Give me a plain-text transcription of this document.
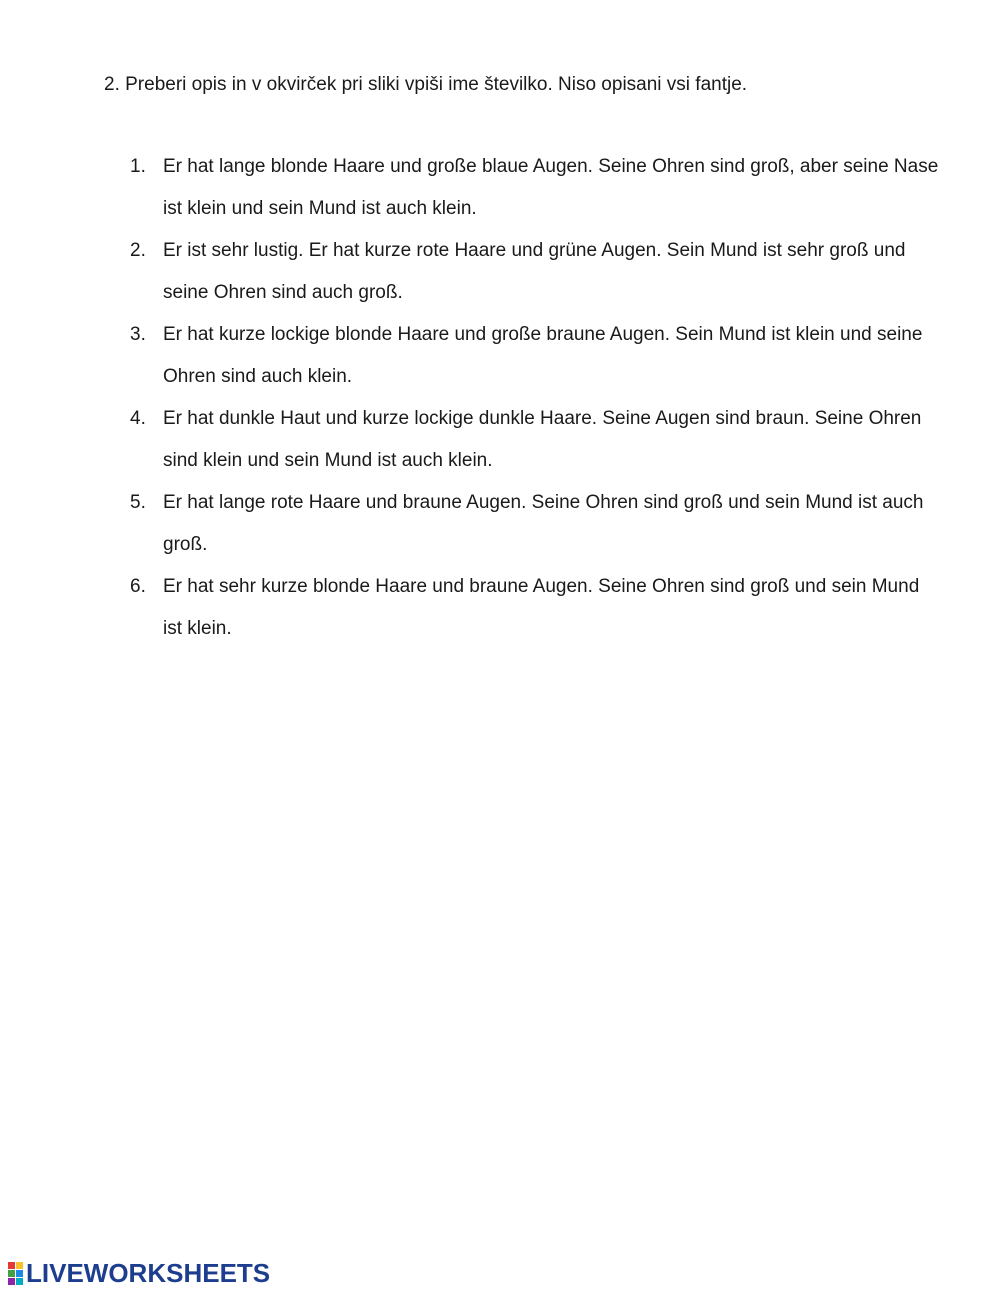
2. Preberi opis in v okvirček pri sliki vpiši ime številko. Niso opisani vsi fantje.
1. Er hat lange blonde Haare und große blaue Augen. Seine Ohren sind groß, aber seine Nase ist klein und sein Mund ist auch klein.
2. Er ist sehr lustig. Er hat kurze rote Haare und grüne Augen. Sein Mund ist sehr groß und seine Ohren sind auch groß.
3. Er hat kurze lockige blonde Haare und große braune Augen. Sein Mund ist klein und seine Ohren sind auch klein.
4. Er hat dunkle Haut und kurze lockige dunkle Haare. Seine Augen sind braun. Seine Ohren sind klein und sein Mund ist auch klein.
5. Er hat lange rote Haare und braune Augen. Seine Ohren sind groß und sein Mund ist auch groß.
6. Er hat sehr kurze blonde Haare und braune Augen. Seine Ohren sind groß und sein Mund ist klein.
LIVEWORKSHEETS
